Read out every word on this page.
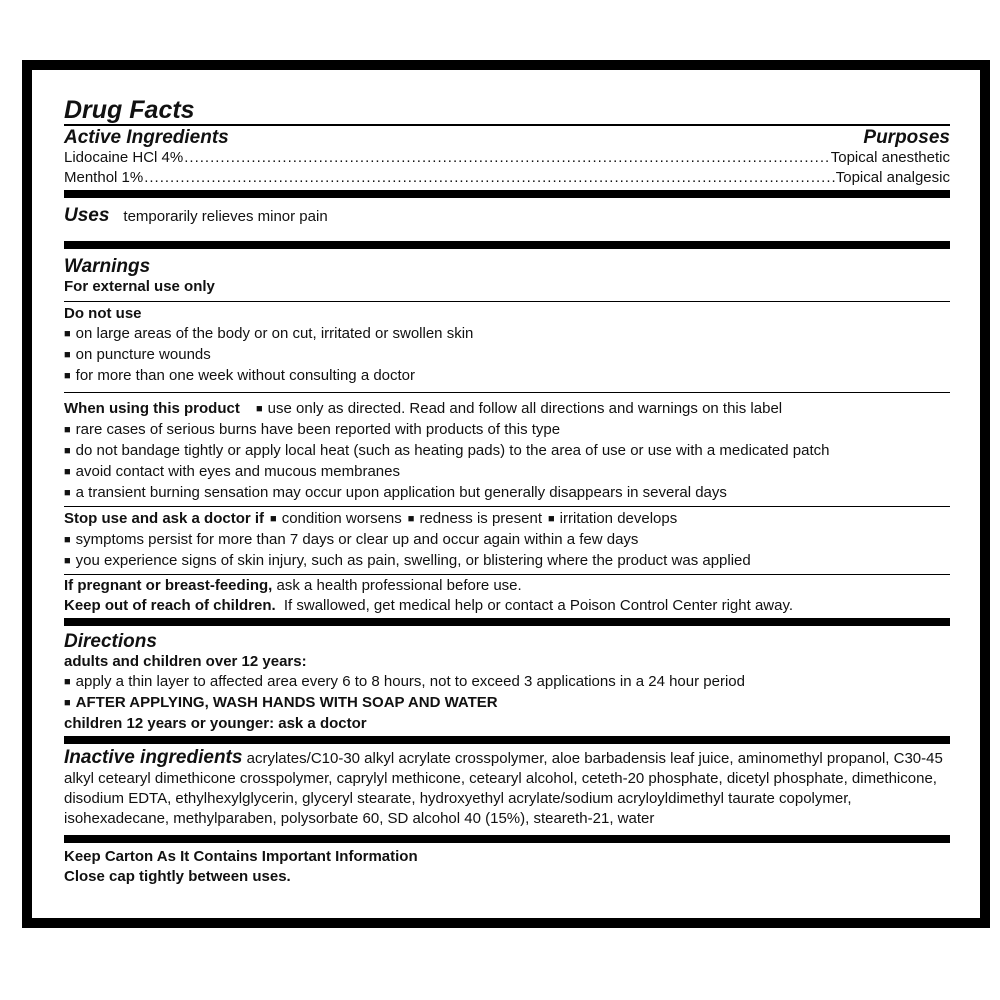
Drug Facts
Active Ingredients	Purposes
Lidocaine HCl 4% .....	Topical anesthetic
Menthol 1% .....	Topical analgesic
Uses temporarily relieves minor pain
Warnings

For external use only

Do not use

■ on large areas of the body or on cut, irritated or swollen skin

■ on puncture wounds

■ for more than one week without consulting a doctor

When using this product ■ use only as directed. Read and follow all directions and warnings on this label

■ rare cases of serious burns have been reported with products of this type

■ do not bandage tightly or apply local heat (such as heating pads) to the area of use or use with a medicated patch

■ avoid contact with eyes and mucous membranes

■ a transient burning sensation may occur upon application but generally disappears in several days

Stop use and ask a doctor if ■ condition worsens ■ redness is present ■ irritation develops

■ symptoms persist for more than 7 days or clear up and occur again within a few days

■ you experience signs of skin injury, such as pain, swelling, or blistering where the product was applied

If pregnant or breast-feeding, ask a health professional before use.

Keep out of reach of children. If swallowed, get medical help or contact a Poison Control Center right away.

Directions

adults and children over 12 years:

■ apply a thin layer to affected area every 6 to 8 hours, not to exceed 3 applications in a 24 hour period

■ AFTER APPLYING, WASH HANDS WITH SOAP AND WATER

children 12 years or younger: ask a doctor

Inactive ingredients acrylates/C10-30 alkyl acrylate crosspolymer, aloe barbadensis leaf juice, aminomethyl propanol, C30-45 alkyl cetearyl dimethicone crosspolymer, caprylyl methicone, cetearyl alcohol, ceteth-20 phosphate, dicetyl phosphate, dimethicone, disodium EDTA, ethylhexylglycerin, glyceryl stearate, hydroxyethyl acrylate/sodium acryloyldimethyl taurate copolymer, isohexadecane, methylparaben, polysorbate 60, SD alcohol 40 (15%), steareth-21, water

Keep Carton As It Contains Important Information

Close cap tightly between uses.
